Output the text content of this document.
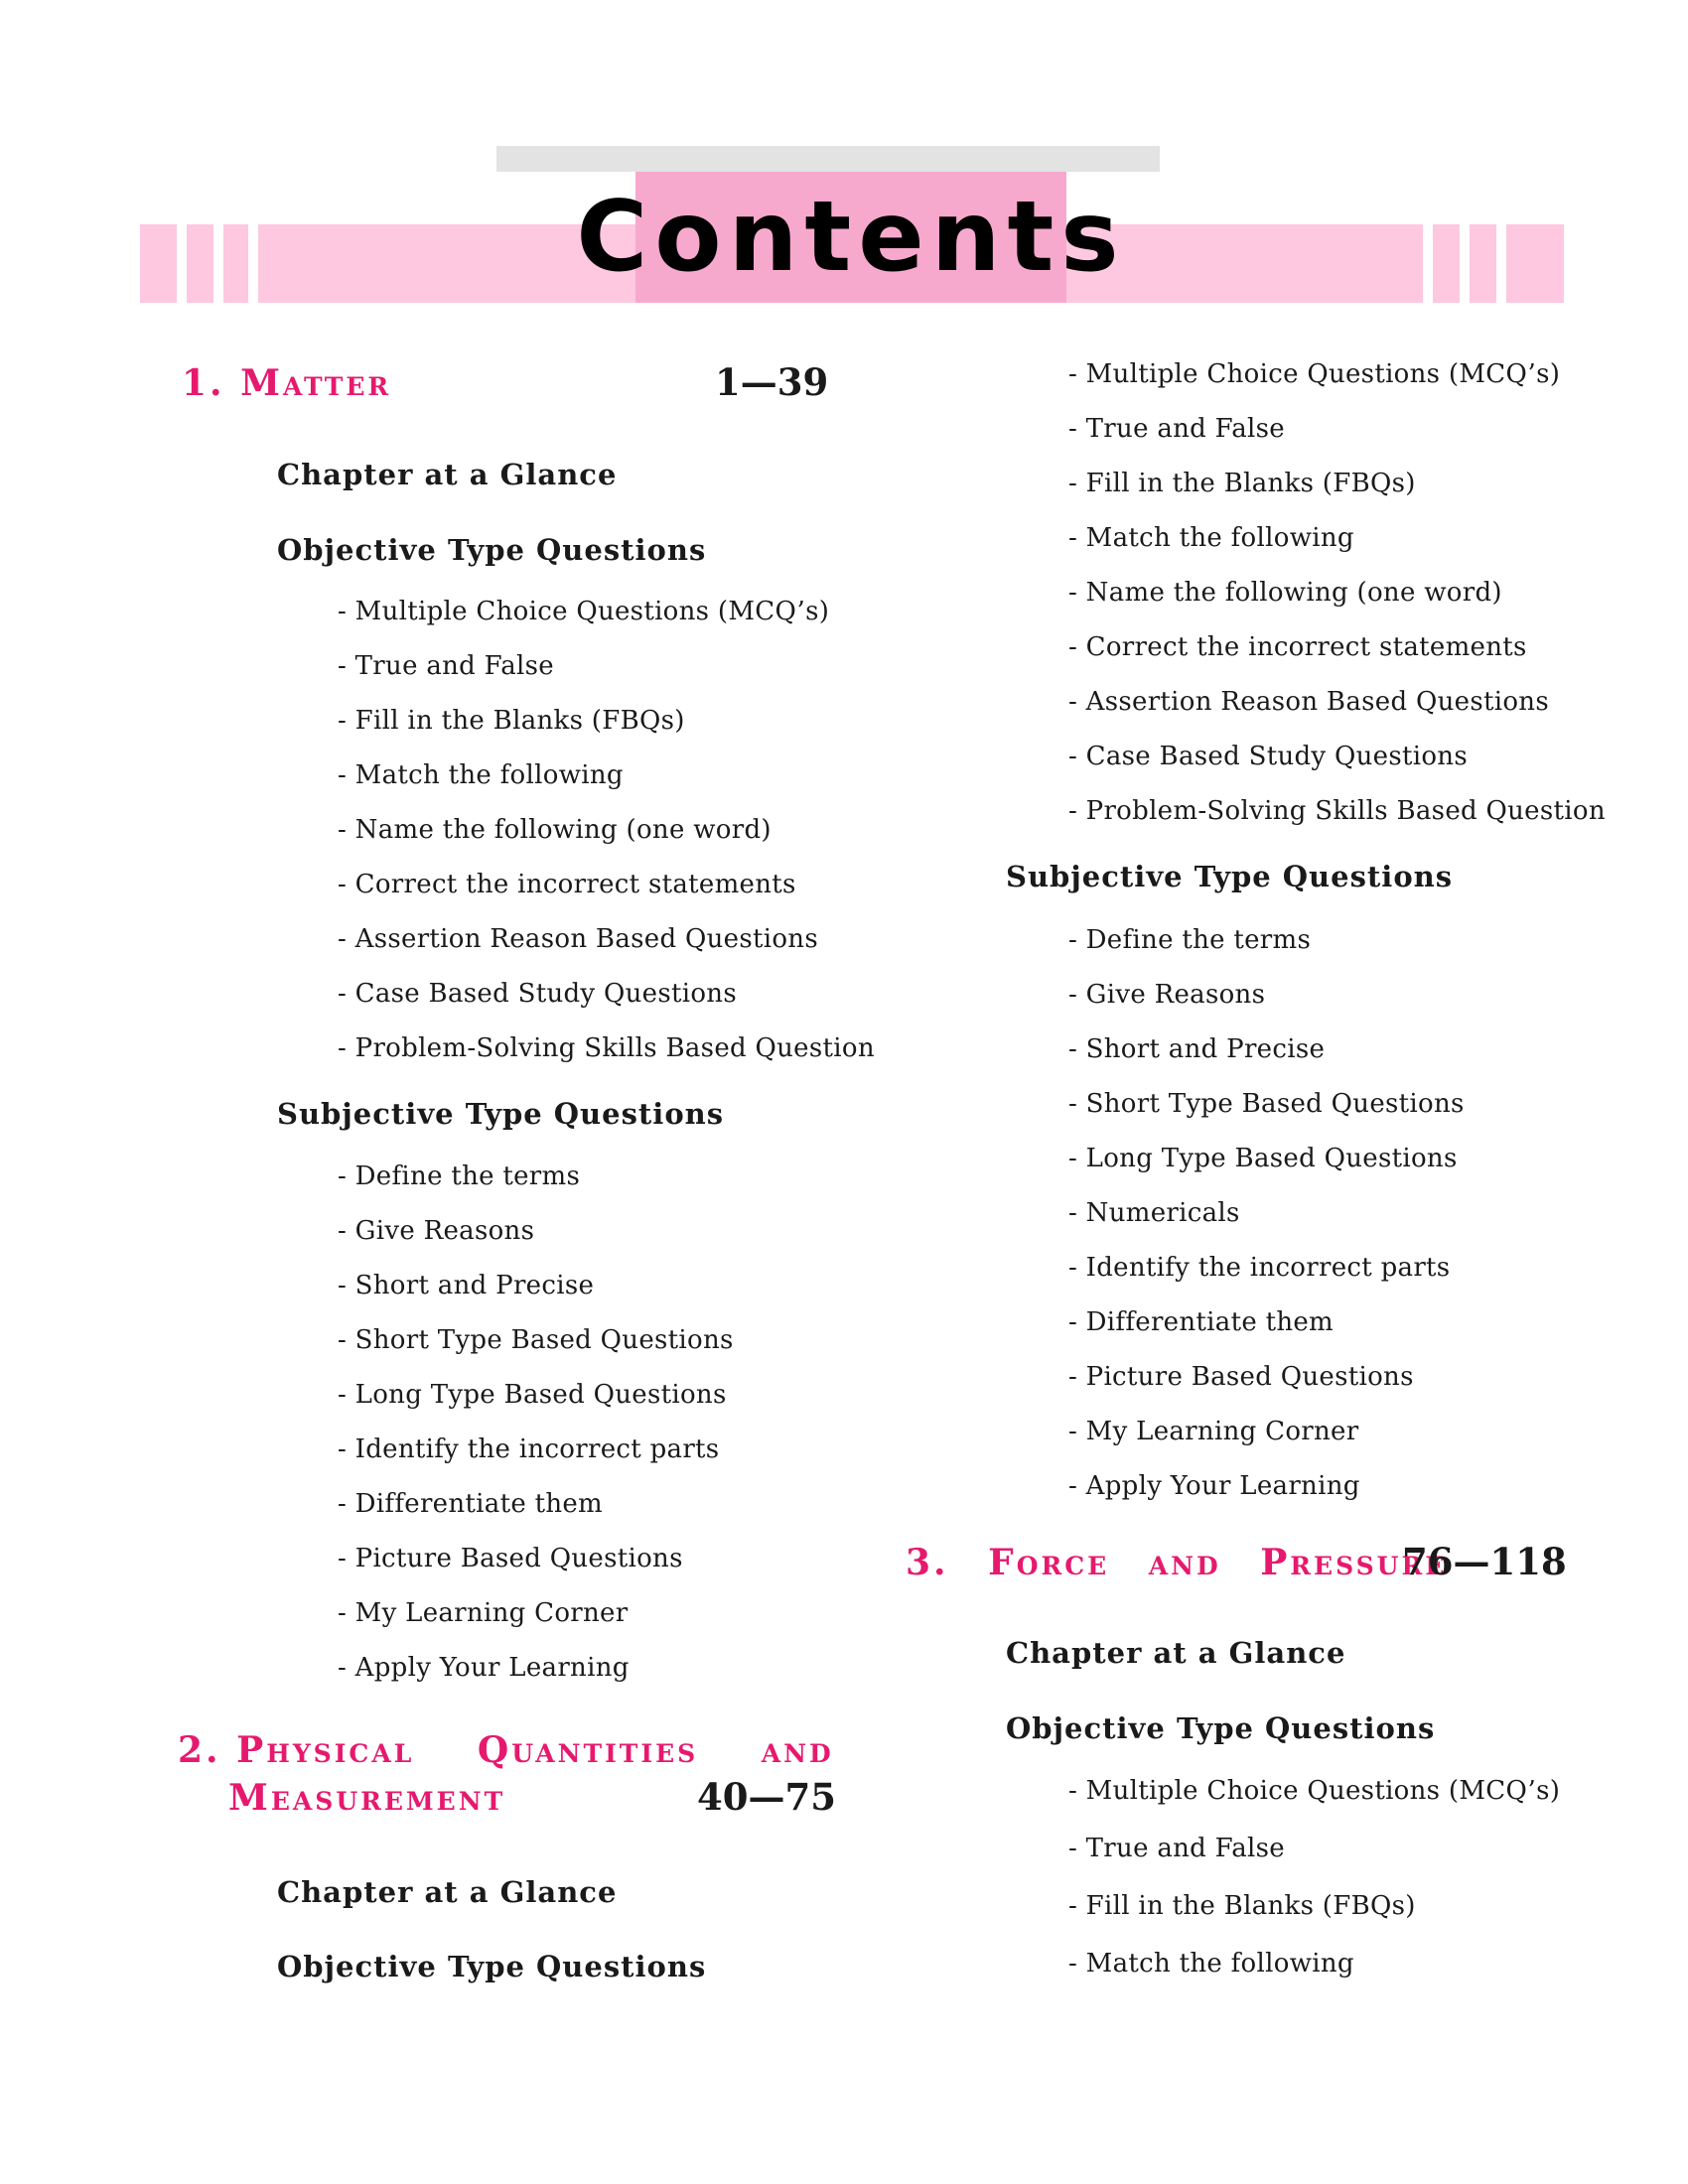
Contents
1. Matter	1—39
Chapter at a Glance
Objective Type Questions
- Multiple Choice Questions (MCQ’s)
- True and False
- Fill in the Blanks (FBQs)
- Match the following
- Name the following (one word)
- Correct the incorrect statements
- Assertion Reason Based Questions
- Case Based Study Questions
- Problem-Solving Skills Based Question
Subjective Type Questions
- Define the terms
- Give Reasons
- Short and Precise
- Short Type Based Questions
- Long Type Based Questions
- Identify the incorrect parts
- Differentiate them
- Picture Based Questions
- My Learning Corner
- Apply Your Learning
2. Physical Quantities and
Measurement	40—75
Chapter at a Glance
Objective Type Questions
- Multiple Choice Questions (MCQ’s)
- True and False
- Fill in the Blanks (FBQs)
- Match the following
- Name the following (one word)
- Correct the incorrect statements
- Assertion Reason Based Questions
- Case Based Study Questions
- Problem-Solving Skills Based Question
Subjective Type Questions
- Define the terms
- Give Reasons
- Short and Precise
- Short Type Based Questions
- Long Type Based Questions
- Numericals
- Identify the incorrect parts
- Differentiate them
- Picture Based Questions
- My Learning Corner
- Apply Your Learning
3. Force and Pressure
76—118
Chapter at a Glance
Objective Type Questions
- Multiple Choice Questions (MCQ’s)
- True and False
- Fill in the Blanks (FBQs)
- Match the following
